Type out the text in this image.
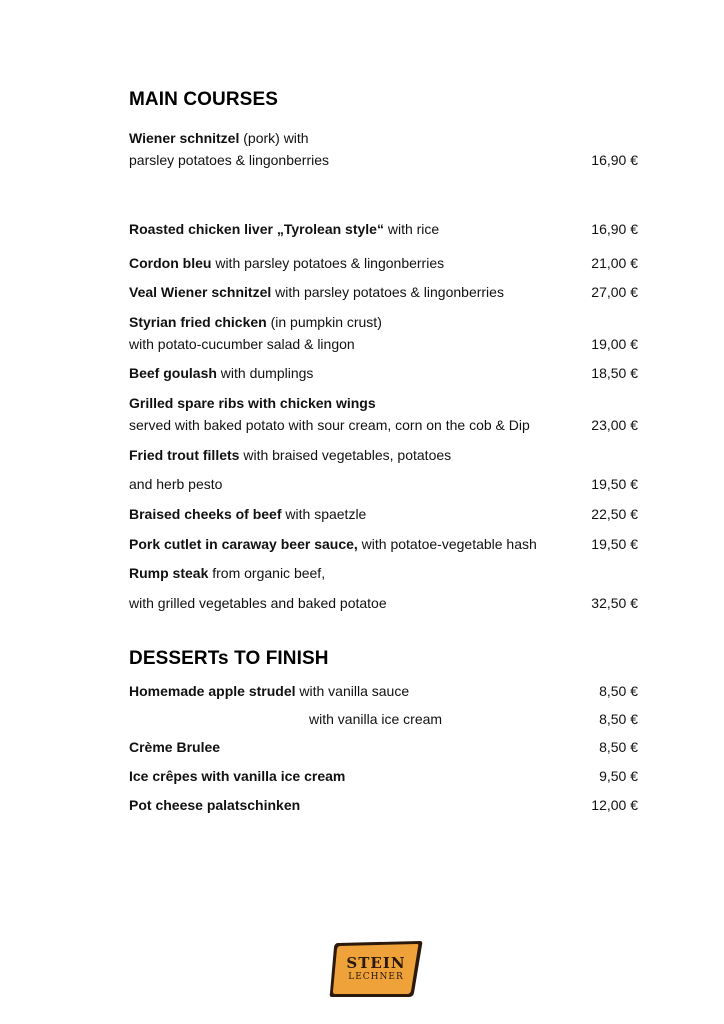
MAIN COURSES
Wiener schnitzel (pork) with
parsley potatoes & lingonberries	16,90 €
Roasted chicken liver „Tyrolean style“ with rice	16,90 €
Cordon bleu with parsley potatoes & lingonberries	21,00 €
Veal Wiener schnitzel with parsley potatoes & lingonberries	27,00 €
Styrian fried chicken (in pumpkin crust)
with potato-cucumber salad & lingon	19,00 €
Beef goulash with dumplings	18,50 €
Grilled spare ribs with chicken wings
served with baked potato with sour cream, corn on the cob & Dip	23,00 €
Fried trout fillets with braised vegetables, potatoes
and herb pesto	19,50 €
Braised cheeks of beef with spaetzle	22,50 €
Pork cutlet in caraway beer sauce, with potatoe-vegetable hash	19,50 €
Rump steak from organic beef,
with grilled vegetables and baked potatoe	32,50 €
DESSERTs TO FINISH
Homemade apple strudel with vanilla sauce	8,50 €
with vanilla ice cream	8,50 €
Crème Brulee	8,50 €
Ice crêpes with vanilla ice cream	9,50 €
Pot cheese palatschinken	12,00 €
STEIN
LECHNER
